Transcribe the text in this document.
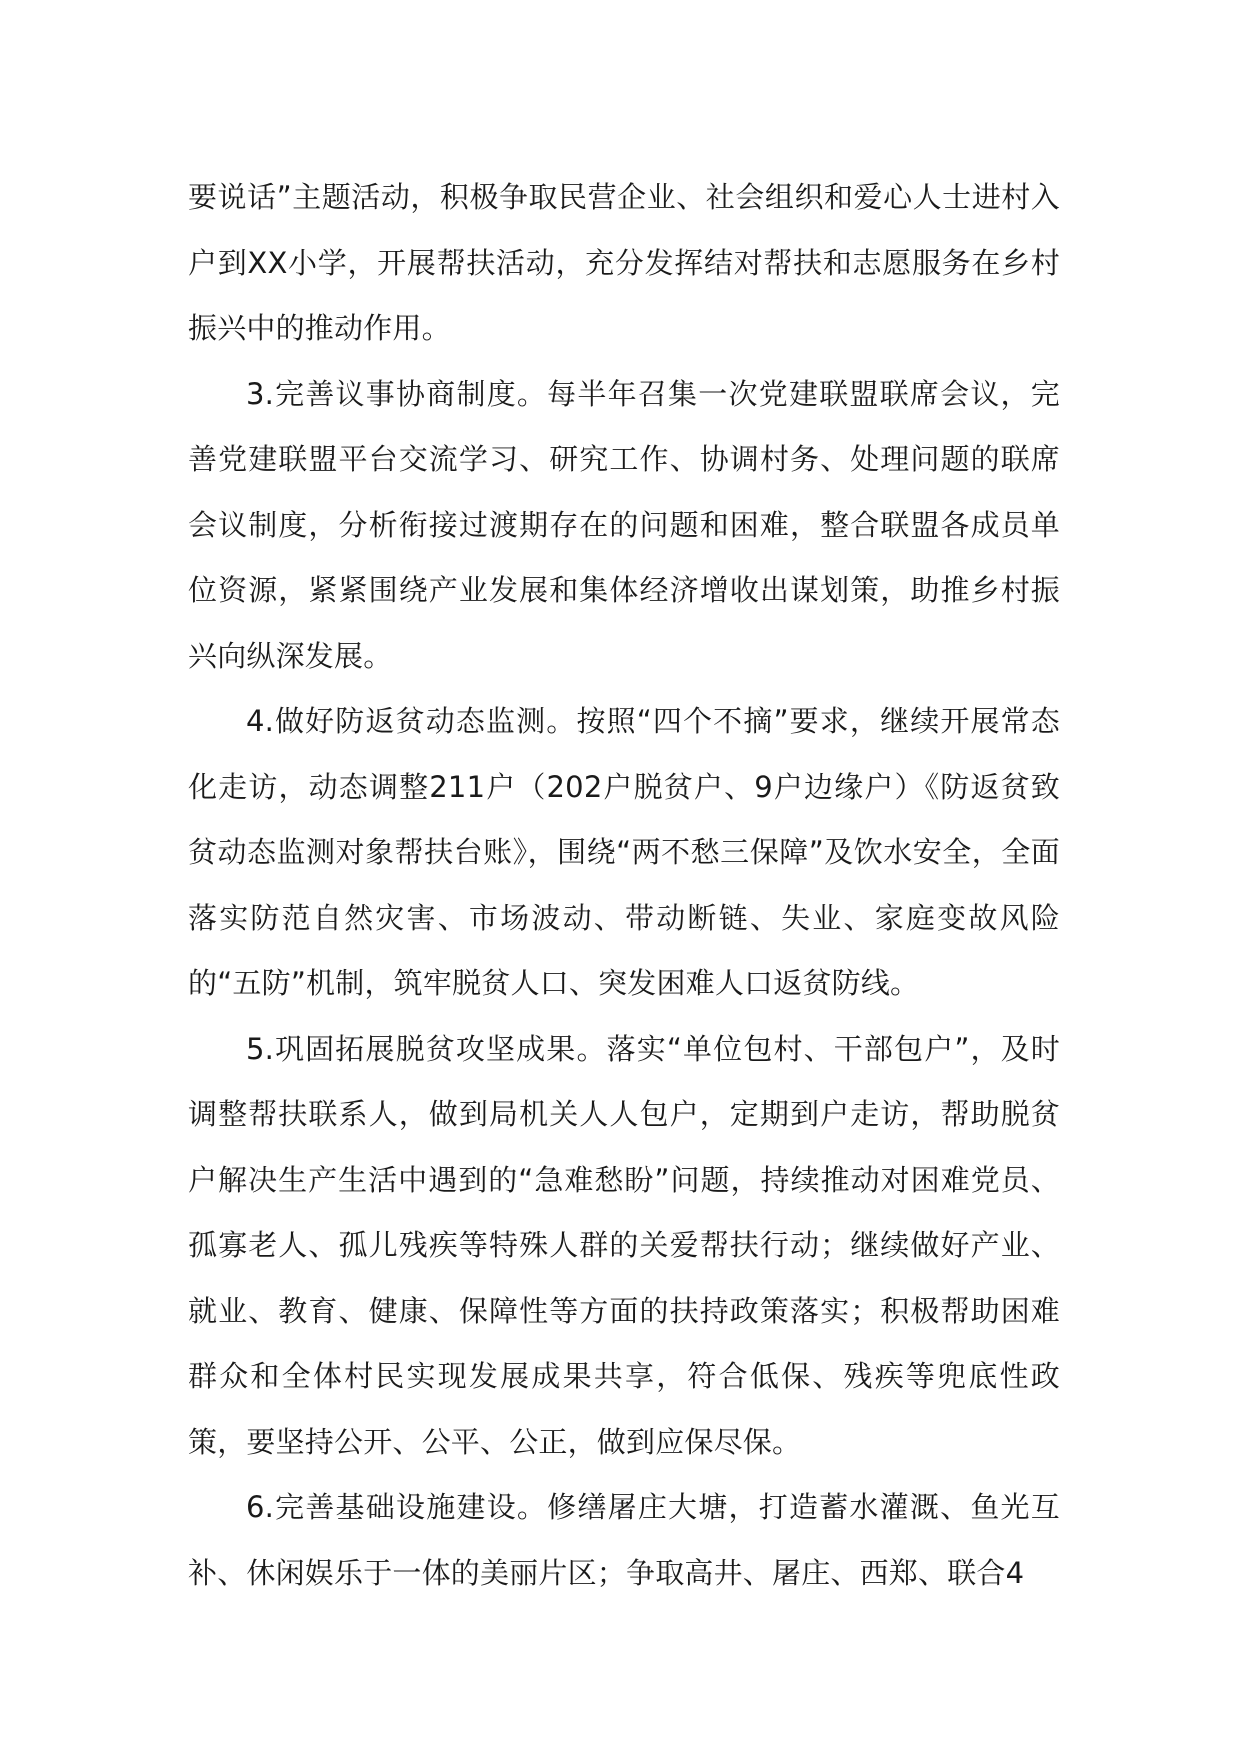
要说话”主题活动，积极争取民营企业、社会组织和爱心人士进村入户到XX小学，开展帮扶活动，充分发挥结对帮扶和志愿服务在乡村振兴中的推动作用。

3.完善议事协商制度。每半年召集一次党建联盟联席会议，完善党建联盟平台交流学习、研究工作、协调村务、处理问题的联席会议制度，分析衔接过渡期存在的问题和困难，整合联盟各成员单位资源，紧紧围绕产业发展和集体经济增收出谋划策，助推乡村振兴向纵深发展。

4.做好防返贫动态监测。按照“四个不摘”要求，继续开展常态化走访，动态调整211户（202户脱贫户、9户边缘户）《防返贫致贫动态监测对象帮扶台账》，围绕“两不愁三保障”及饮水安全，全面落实防范自然灾害、市场波动、带动断链、失业、家庭变故风险的“五防”机制，筑牢脱贫人口、突发困难人口返贫防线。

5.巩固拓展脱贫攻坚成果。落实“单位包村、干部包户”，及时调整帮扶联系人，做到局机关人人包户，定期到户走访，帮助脱贫户解决生产生活中遇到的“急难愁盼”问题，持续推动对困难党员、孤寡老人、孤儿残疾等特殊人群的关爱帮扶行动；继续做好产业、就业、教育、健康、保障性等方面的扶持政策落实；积极帮助困难群众和全体村民实现发展成果共享，符合低保、残疾等兜底性政策，要坚持公开、公平、公正，做到应保尽保。

6.完善基础设施建设。修缮屠庄大塘，打造蓄水灌溉、鱼光互补、休闲娱乐于一体的美丽片区；争取高井、屠庄、西郑、联合4
